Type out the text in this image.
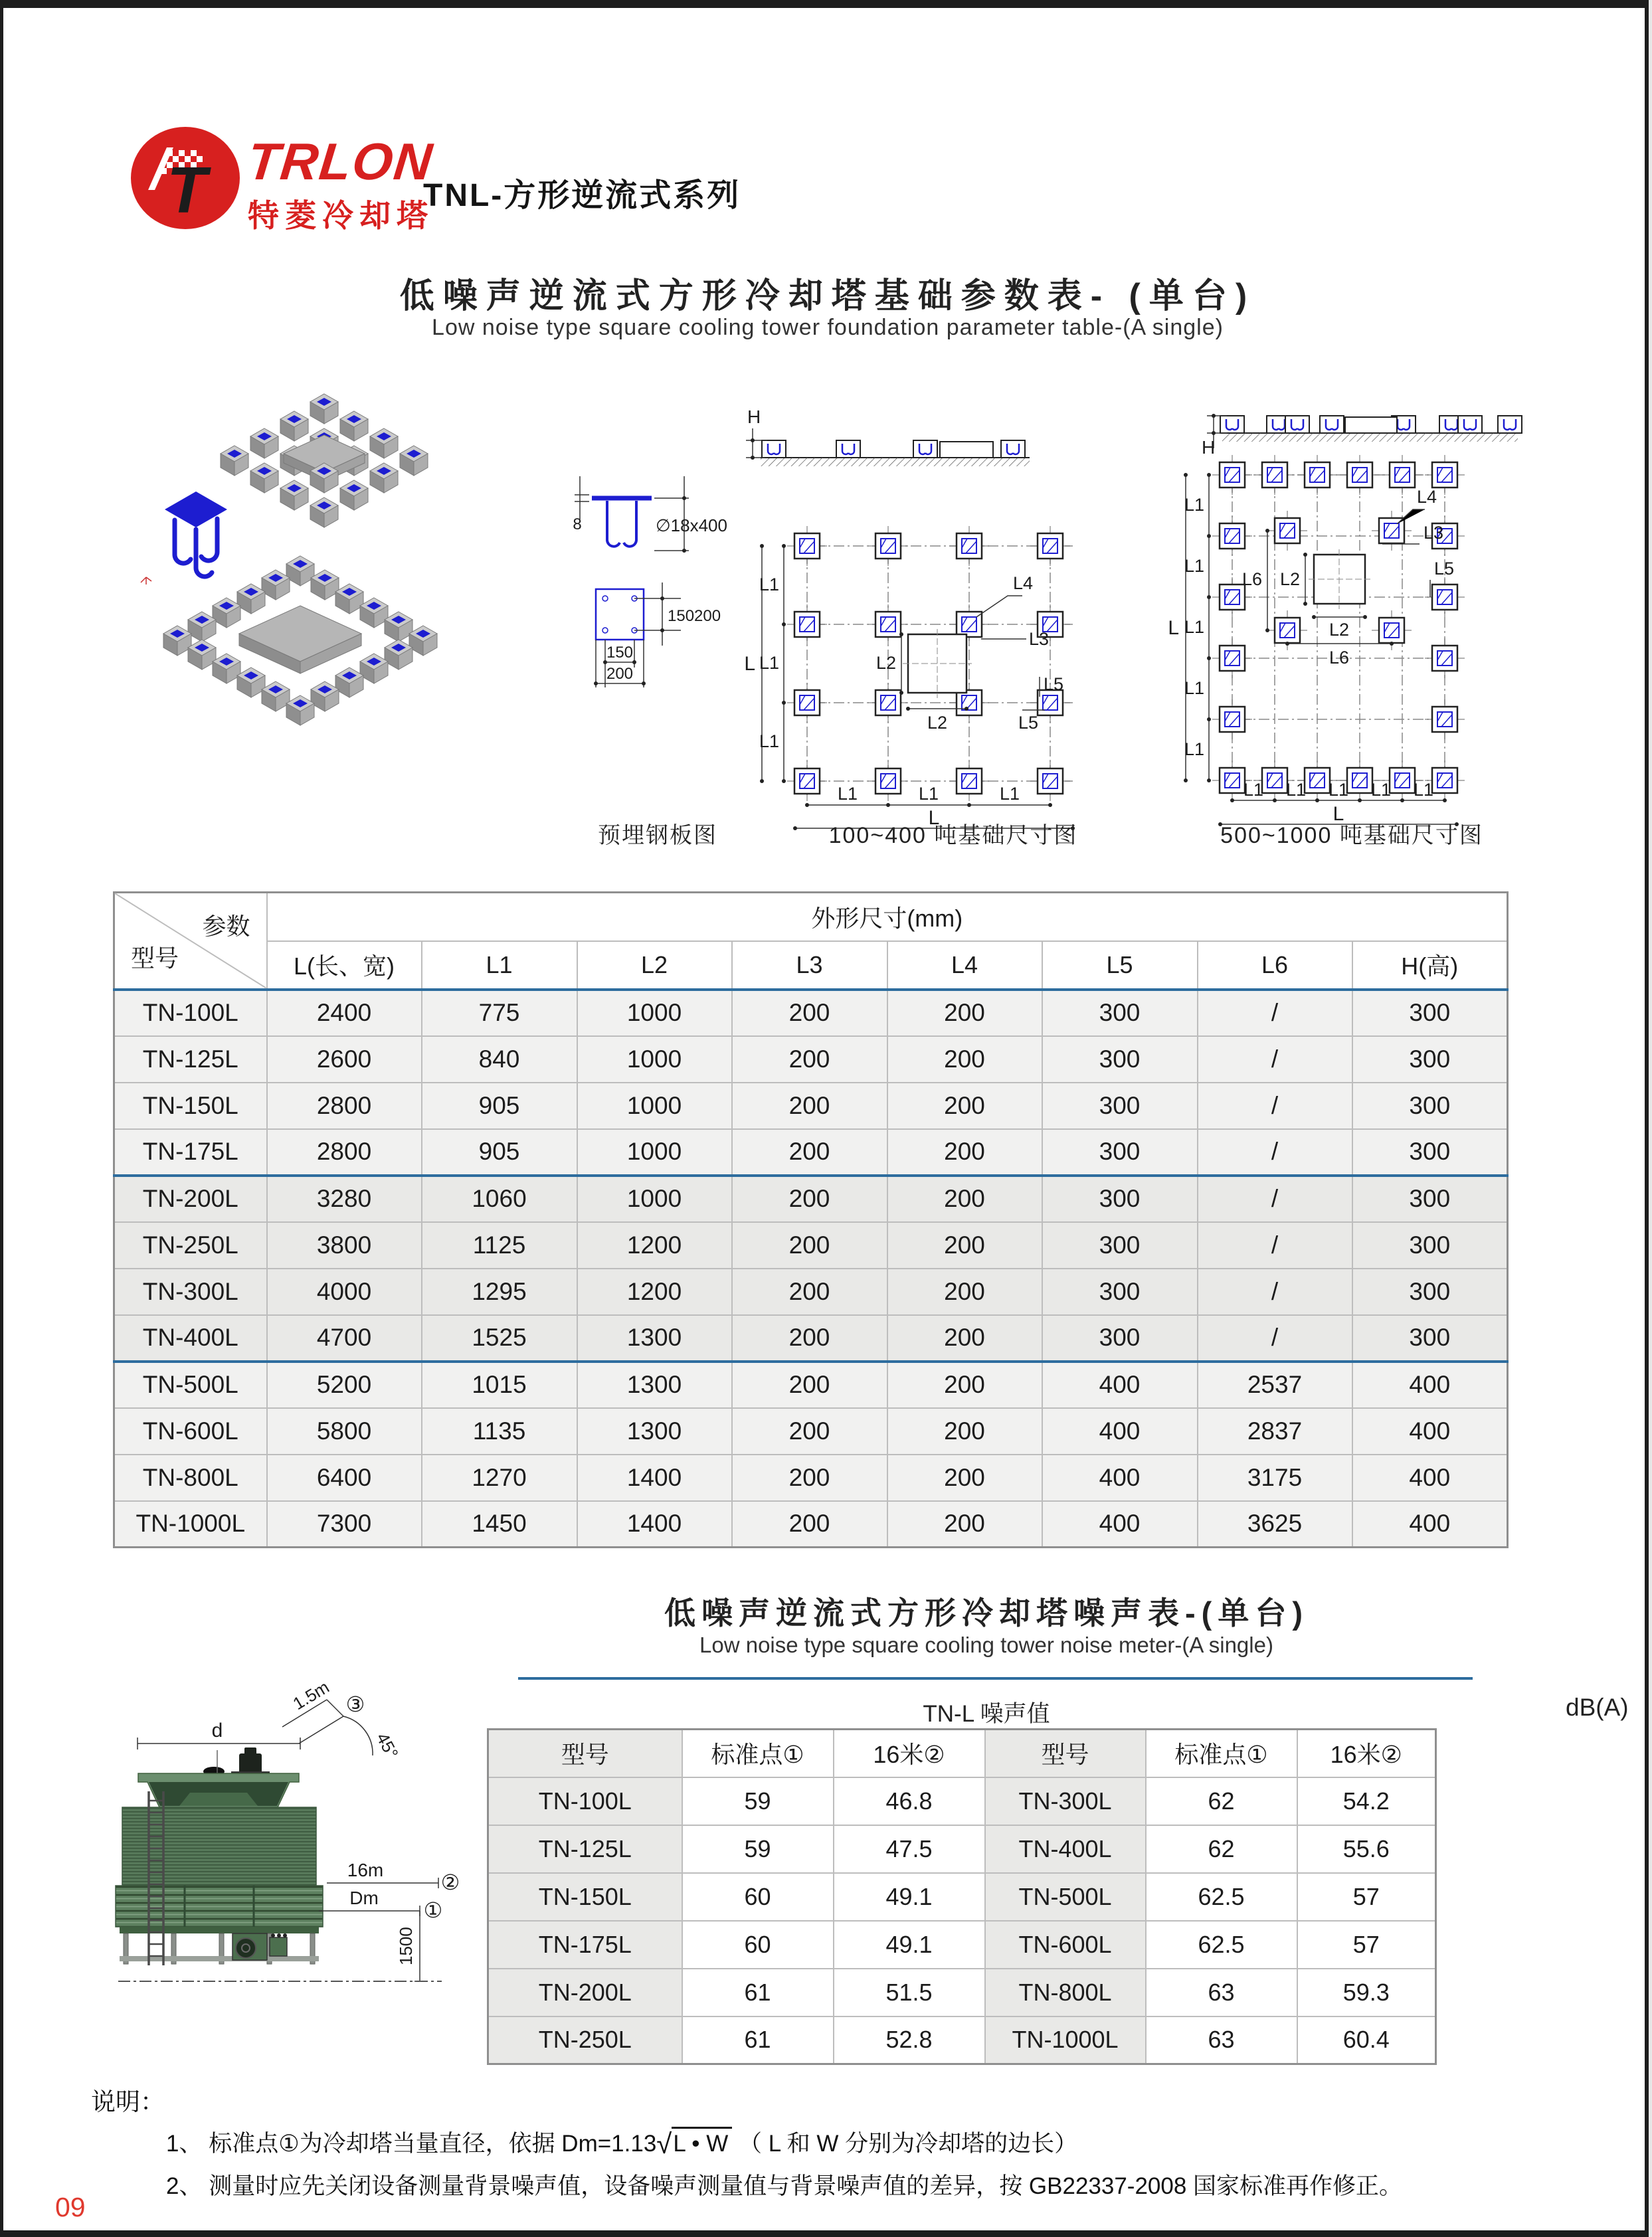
T TRLON
特菱冷却塔
TNL-方形逆流式系列
低噪声逆流式方形冷却塔基础参数表- (单台)
Low noise type square cooling tower foundation parameter table-(A single)
8	∅18x400
150200
150
200
H
L
L1
L1
L1
L1	L1	L1
L
L2
L2
L4
L3
L5
L5
H
L
L1
L1
L1
L1
L1
L1 L1 L1 L1 L1
L
L2
L2
L6
L6
L4
L3
L5
预埋钢板图	100~400 吨基础尺寸图	500~1000 吨基础尺寸图
参数
型号	外形尺寸(mm)							
	L(长、宽)	L1	L2	L3	L4	L5	L6	H(高)
TN-100L	2400	775	1000	200	200	300	/	300
TN-125L	2600	840	1000	200	200	300	/	300
TN-150L	2800	905	1000	200	200	300	/	300
TN-175L	2800	905	1000	200	200	300	/	300
TN-200L	3280	1060	1000	200	200	300	/	300
TN-250L	3800	1125	1200	200	200	300	/	300
TN-300L	4000	1295	1200	200	200	300	/	300
TN-400L	4700	1525	1300	200	200	300	/	300
TN-500L	5200	1015	1300	200	200	400	2537	400
TN-600L	5800	1135	1300	200	200	400	2837	400
TN-800L	6400	1270	1400	200	200	400	3175	400
TN-1000L	7300	1450	1400	200	200	400	3625	400
低噪声逆流式方形冷却塔噪声表-(单台)
Low noise type square cooling tower noise meter-(A single)
TN-L 噪声值	dB(A)
d
1.5m ③
45°
16m
②
Dm
①
1500
型号	标准点①	16米②	型号	标准点①	16米②
TN-100L	59	46.8	TN-300L	62	54.2
TN-125L	59	47.5	TN-400L	62	55.6
TN-150L	60	49.1	TN-500L	62.5	57
TN-175L	60	49.1	TN-600L	62.5	57
TN-200L	61	51.5	TN-800L	63	59.3
TN-250L	61	52.8	TN-1000L	63	60.4
说明：
1、 标准点①为冷却塔当量直径，依据 Dm=1.13√L • W （ L 和 W 分别为冷却塔的边长）
2、 测量时应先关闭设备测量背景噪声值，设备噪声测量值与背景噪声值的差异，按 GB22337-2008 国家标准再作修正。
09
